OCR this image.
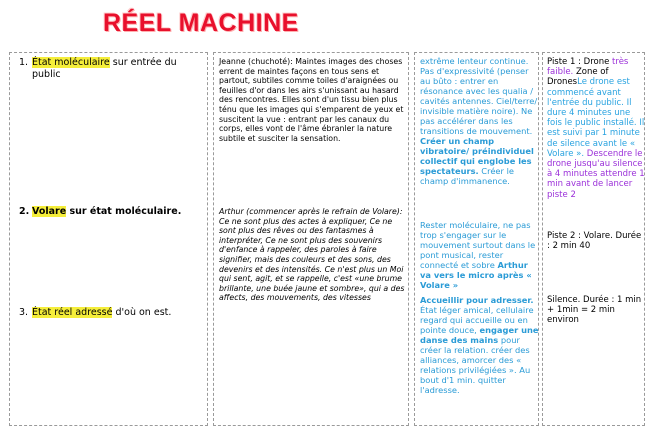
RÉEL MACHINE
1. État moléculaire sur entrée du public
2. Volare sur état moléculaire.
3. État réel adressé d'où on est.
Jeanne (chuchoté): Maintes images des choses errent de maintes façons en tous sens et partout, subtiles comme toiles d'araignées ou feuilles d'or dans les airs s'unissant au hasard des rencontres. Elles sont d'un tissu bien plus ténu que les images qui s'emparent de yeux et suscitent la vue : entrant par les canaux du corps, elles vont de l'âme ébranler la nature subtile et susciter la sensation.
Arthur (commencer après le refrain de Volare): Ce ne sont plus des actes à expliquer, Ce ne sont plus des rêves ou des fantasmes à interpréter, Ce ne sont plus des souvenirs d'enfance à rappeler, des paroles à faire signifier, mais des couleurs et des sons, des devenirs et des intensités. Ce n'est plus un Moi qui sent, agit, et se rappelle, c'est «une brume brillante, une buée jaune et sombre», qui a des affects, des mouvements, des vitesses
extrême lenteur continue. Pas d'expressivité (penser au bûto : entrer en résonance avec les qualia / cavités antennes. Ciel/terre/ invisible matière noire). Ne pas accélérer dans les transitions de mouvement. Créer un champ vibratoire/ préindividuel collectif qui englobe les spectateurs. Créer le champ d'immanence.
Rester moléculaire, ne pas trop s'engager sur le mouvement surtout dans le pont musical, rester connecté et sobre Arthur va vers le micro après « Volare »
Accueillir pour adresser. État léger amical, cellulaire regard qui accueille ou en pointe douce, engager une danse des mains pour créer la relation. créer des alliances, amorcer des « relations privilégiées ». Au bout d'1 min. quitter l'adresse.
Piste 1 : Drone très faible. Zone of DronesLe drone est commencé avant l'entrée du public. Il dure 4 minutes une fois le public installé. Il est suivi par 1 minute de silence avant le « Volare ». Descendre le drone jusqu'au silence à 4 minutes attendre 1 min avant de lancer piste 2
Piste 2 : Volare. Durée : 2 min 40
Silence. Durée : 1 min + 1min = 2 min environ
